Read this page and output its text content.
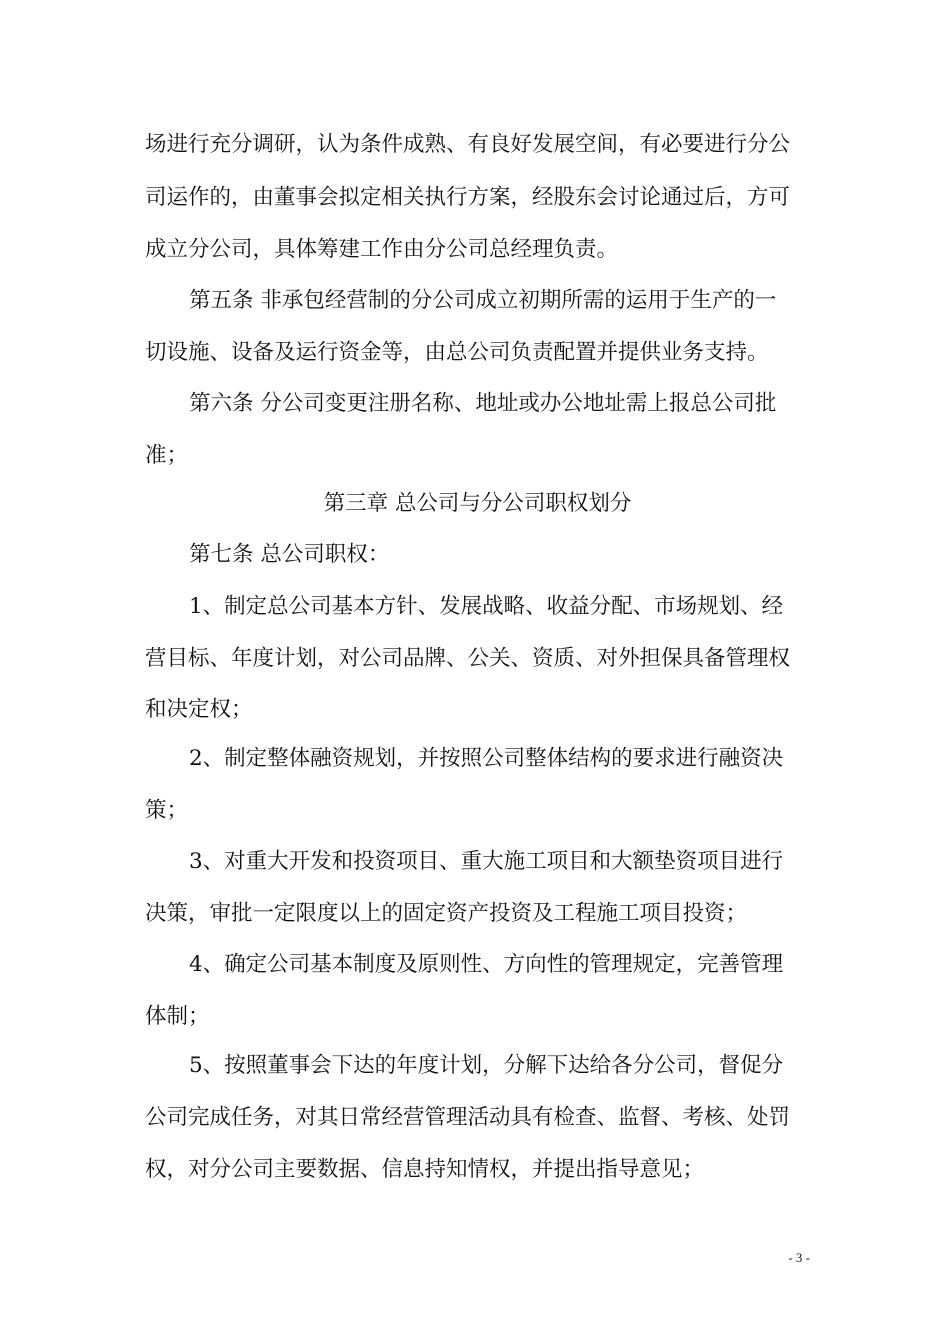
场进行充分调研，认为条件成熟、有良好发展空间，有必要进行分公
司运作的，由董事会拟定相关执行方案，经股东会讨论通过后，方可
成立分公司，具体筹建工作由分公司总经理负责。
第五条 非承包经营制的分公司成立初期所需的运用于生产的一
切设施、设备及运行资金等，由总公司负责配置并提供业务支持。
第六条 分公司变更注册名称、地址或办公地址需上报总公司批
准；
第三章 总公司与分公司职权划分
第七条 总公司职权：
1、制定总公司基本方针、发展战略、收益分配、市场规划、经
营目标、年度计划，对公司品牌、公关、资质、对外担保具备管理权
和决定权；
2、制定整体融资规划，并按照公司整体结构的要求进行融资决
策；
3、对重大开发和投资项目、重大施工项目和大额垫资项目进行
决策，审批一定限度以上的固定资产投资及工程施工项目投资；
4、确定公司基本制度及原则性、方向性的管理规定，完善管理
体制；
5、按照董事会下达的年度计划，分解下达给各分公司，督促分
公司完成任务，对其日常经营管理活动具有检查、监督、考核、处罚
权，对分公司主要数据、信息持知情权，并提出指导意见；
- 3 -
